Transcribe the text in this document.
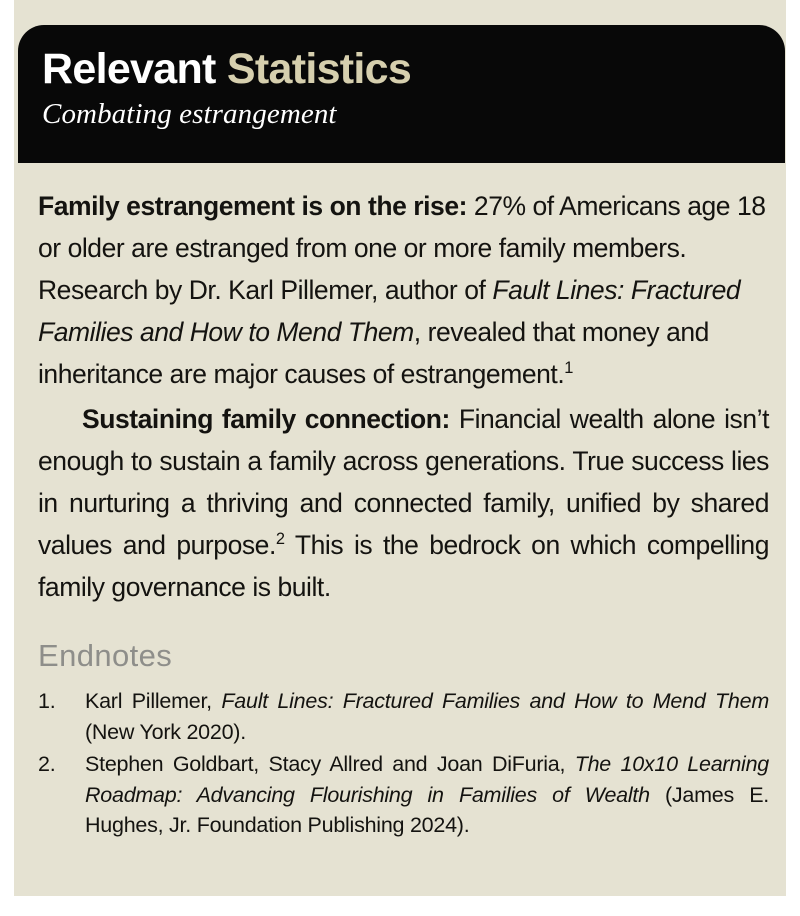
Relevant Statistics
Combating estrangement

Family estrangement is on the rise: 27% of Americans age 18 or older are estranged from one or more family members. Research by Dr. Karl Pillemer, author of Fault Lines: Fractured Families and How to Mend Them, revealed that money and inheritance are major causes of estrangement.$^1$

Sustaining family connection: Financial wealth alone isn’t enough to sustain a family across generations. True success lies in nurturing a thriving and connected family, unified by shared values and purpose.$^2$ This is the bedrock on which compelling family governance is built.

Endnotes
1.	Karl Pillemer, Fault Lines: Fractured Families and How to Mend Them (New York 2020).
2.	Stephen Goldbart, Stacy Allred and Joan DiFuria, The 10x10 Learning Roadmap: Advancing Flourishing in Families of Wealth (James E. Hughes, Jr. Foundation Publishing 2024).
